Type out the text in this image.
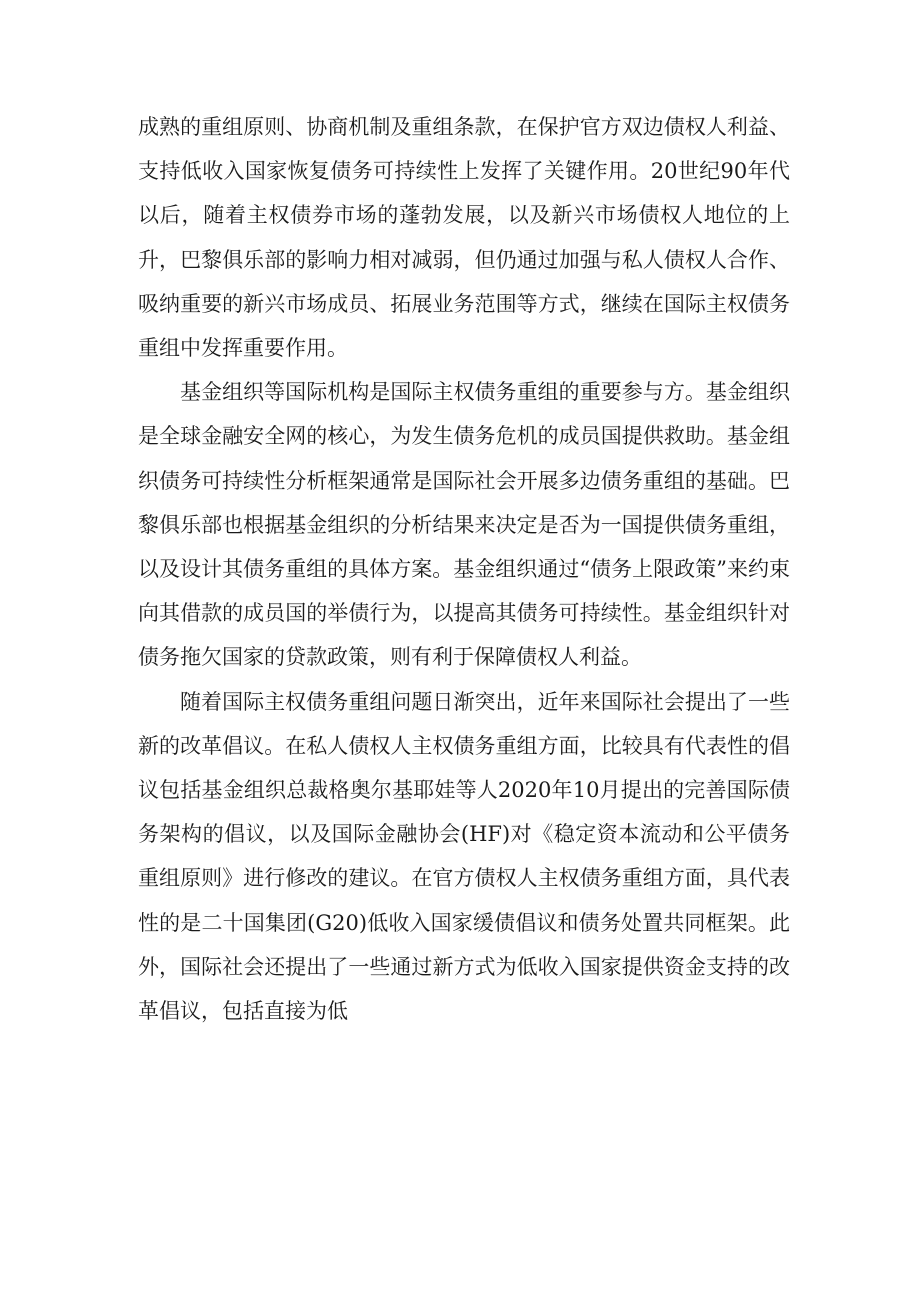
成熟的重组原则、协商机制及重组条款，在保护官方双边债权人利益、支持低收入国家恢复债务可持续性上发挥了关键作用。20世纪90年代以后，随着主权债券市场的蓬勃发展，以及新兴市场债权人地位的上升，巴黎俱乐部的影响力相对减弱，但仍通过加强与私人债权人合作、吸纳重要的新兴市场成员、拓展业务范围等方式，继续在国际主权债务重组中发挥重要作用。

基金组织等国际机构是国际主权债务重组的重要参与方。基金组织是全球金融安全网的核心，为发生债务危机的成员国提供救助。基金组织债务可持续性分析框架通常是国际社会开展多边债务重组的基础。巴黎俱乐部也根据基金组织的分析结果来决定是否为一国提供债务重组，以及设计其债务重组的具体方案。基金组织通过“债务上限政策”来约束向其借款的成员国的举债行为，以提高其债务可持续性。基金组织针对债务拖欠国家的贷款政策，则有利于保障债权人利益。

随着国际主权债务重组问题日渐突出，近年来国际社会提出了一些新的改革倡议。在私人债权人主权债务重组方面，比较具有代表性的倡议包括基金组织总裁格奥尔基耶娃等人2020年10月提出的完善国际债务架构的倡议，以及国际金融协会(HF)对《稳定资本流动和公平债务重组原则》进行修改的建议。在官方债权人主权债务重组方面，具代表性的是二十国集团(G20)低收入国家缓债倡议和债务处置共同框架。此外，国际社会还提出了一些通过新方式为低收入国家提供资金支持的改革倡议，包括直接为低
